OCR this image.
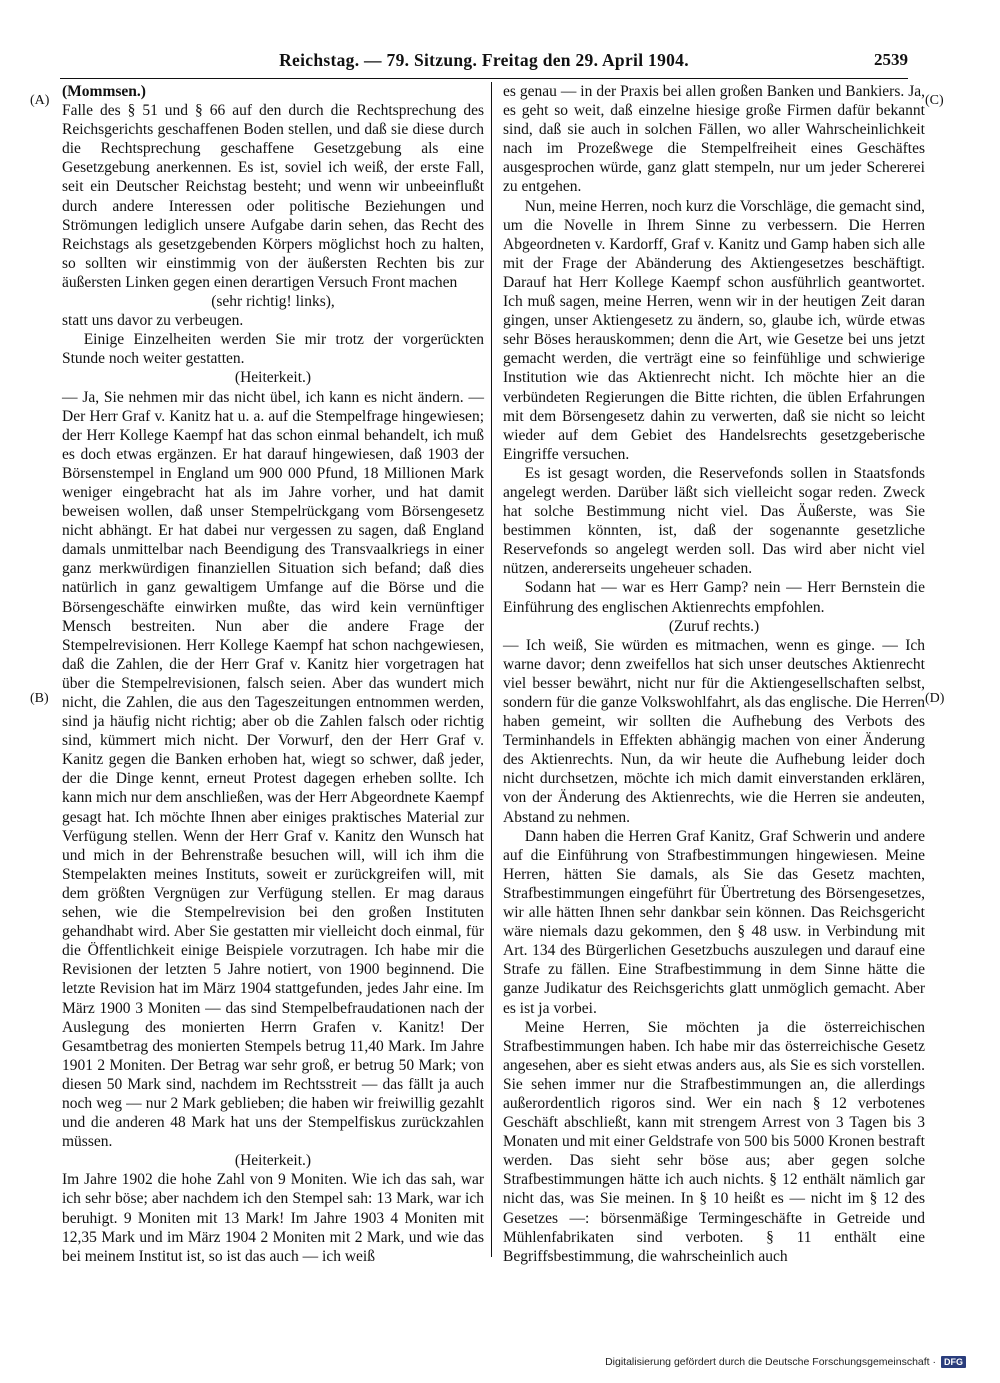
Reichstag. — 79. Sitzung. Freitag den 29. April 1904.	2539

(Mommsen.)

Falle des § 51 und § 66 auf den durch die Rechtsprechung des Reichsgerichts geschaffenen Boden stellen, und daß sie diese durch die Rechtsprechung geschaffene Gesetzgebung als eine Gesetzgebung anerkennen. Es ist, soviel ich weiß, der erste Fall, seit ein Deutscher Reichstag besteht; und wenn wir unbeeinflußt durch andere Interessen oder politische Beziehungen und Strömungen lediglich unsere Aufgabe darin sehen, das Recht des Reichstags als gesetzgebenden Körpers möglichst hoch zu halten, so sollten wir einstimmig von der äußersten Rechten bis zur äußersten Linken gegen einen derartigen Versuch Front machen

(sehr richtig! links),

statt uns davor zu verbeugen.

Einige Einzelheiten werden Sie mir trotz der vorgerückten Stunde noch weiter gestatten.

(Heiterkeit.)

— Ja, Sie nehmen mir das nicht übel, ich kann es nicht ändern. — Der Herr Graf v. Kanitz hat u. a. auf die Stempelfrage hingewiesen; der Herr Kollege Kaempf hat das schon einmal behandelt, ich muß es doch etwas ergänzen. Er hat darauf hingewiesen, daß 1903 der Börsenstempel in England um 900 000 Pfund, 18 Millionen Mark weniger eingebracht hat als im Jahre vorher, und hat damit beweisen wollen, daß unser Stempelrückgang vom Börsengesetz nicht abhängt. Er hat dabei nur vergessen zu sagen, daß England damals unmittelbar nach Beendigung des Transvaalkriegs in einer ganz merkwürdigen finanziellen Situation sich befand; daß dies natürlich in ganz gewaltigem Umfange auf die Börse und die Börsengeschäfte einwirken mußte, das wird kein vernünftiger Mensch bestreiten. Nun aber die andere Frage der Stempelrevisionen. Herr Kollege Kaempf hat schon nachgewiesen, daß die Zahlen, die der Herr Graf v. Kanitz hier vorgetragen hat über die Stempelrevisionen, falsch seien. Aber das wundert mich nicht, die Zahlen, die aus den Tageszeitungen entnommen werden, sind ja häufig nicht richtig; aber ob die Zahlen falsch oder richtig sind, kümmert mich nicht. Der Vorwurf, den der Herr Graf v. Kanitz gegen die Banken erhoben hat, wiegt so schwer, daß jeder, der die Dinge kennt, erneut Protest dagegen erheben sollte. Ich kann mich nur dem anschließen, was der Herr Abgeordnete Kaempf gesagt hat. Ich möchte Ihnen aber einiges praktisches Material zur Verfügung stellen. Wenn der Herr Graf v. Kanitz den Wunsch hat und mich in der Behrenstraße besuchen will, will ich ihm die Stempelakten meines Instituts, soweit er zurückgreifen will, mit dem größten Vergnügen zur Verfügung stellen. Er mag daraus sehen, wie die Stempelrevision bei den großen Instituten gehandhabt wird. Aber Sie gestatten mir vielleicht doch einmal, für die Öffentlichkeit einige Beispiele vorzutragen. Ich habe mir die Revisionen der letzten 5 Jahre notiert, von 1900 beginnend. Die letzte Revision hat im März 1904 stattgefunden, jedes Jahr eine. Im März 1900 3 Moniten — das sind Stempelbefraudationen nach der Auslegung des monierten Herrn Grafen v. Kanitz! Der Gesamtbetrag des monierten Stempels betrug 11,40 Mark. Im Jahre 1901 2 Moniten. Der Betrag war sehr groß, er betrug 50 Mark; von diesen 50 Mark sind, nachdem im Rechtsstreit — das fällt ja auch noch weg — nur 2 Mark geblieben; die haben wir freiwillig gezahlt und die anderen 48 Mark hat uns der Stempelfiskus zurückzahlen müssen.

(Heiterkeit.)

Im Jahre 1902 die hohe Zahl von 9 Moniten. Wie ich das sah, war ich sehr böse; aber nachdem ich den Stempel sah: 13 Mark, war ich beruhigt. 9 Moniten mit 13 Mark! Im Jahre 1903 4 Moniten mit 12,35 Mark und im März 1904 2 Moniten mit 2 Mark, und wie das bei meinem Institut ist, so ist das auch — ich weiß

es genau — in der Praxis bei allen großen Banken und Bankiers. Ja, es geht so weit, daß einzelne hiesige große Firmen dafür bekannt sind, daß sie auch in solchen Fällen, wo aller Wahrscheinlichkeit nach im Prozeßwege die Stempelfreiheit eines Geschäftes ausgesprochen würde, ganz glatt stempeln, nur um jeder Schererei zu entgehen.

Nun, meine Herren, noch kurz die Vorschläge, die gemacht sind, um die Novelle in Ihrem Sinne zu verbessern. Die Herren Abgeordneten v. Kardorff, Graf v. Kanitz und Gamp haben sich alle mit der Frage der Abänderung des Aktiengesetzes beschäftigt. Darauf hat Herr Kollege Kaempf schon ausführlich geantwortet. Ich muß sagen, meine Herren, wenn wir in der heutigen Zeit daran gingen, unser Aktiengesetz zu ändern, so, glaube ich, würde etwas sehr Böses herauskommen; denn die Art, wie Gesetze bei uns jetzt gemacht werden, die verträgt eine so feinfühlige und schwierige Institution wie das Aktienrecht nicht. Ich möchte hier an die verbündeten Regierungen die Bitte richten, die üblen Erfahrungen mit dem Börsengesetz dahin zu verwerten, daß sie nicht so leicht wieder auf dem Gebiet des Handelsrechts gesetzgeberische Eingriffe versuchen.

Es ist gesagt worden, die Reservefonds sollen in Staatsfonds angelegt werden. Darüber läßt sich vielleicht sogar reden. Zweck hat solche Bestimmung nicht viel. Das Äußerste, was Sie bestimmen könnten, ist, daß der sogenannte gesetzliche Reservefonds so angelegt werden soll. Das wird aber nicht viel nützen, andererseits ungeheuer schaden.

Sodann hat — war es Herr Gamp? nein — Herr Bernstein die Einführung des englischen Aktienrechts empfohlen.

(Zuruf rechts.)

— Ich weiß, Sie würden es mitmachen, wenn es ginge. — Ich warne davor; denn zweifellos hat sich unser deutsches Aktienrecht viel besser bewährt, nicht nur für die Aktiengesellschaften selbst, sondern für die ganze Volkswohlfahrt, als das englische. Die Herren haben gemeint, wir sollten die Aufhebung des Verbots des Terminhandels in Effekten abhängig machen von einer Änderung des Aktienrechts. Nun, da wir heute die Aufhebung leider doch nicht durchsetzen, möchte ich mich damit einverstanden erklären, von der Änderung des Aktienrechts, wie die Herren sie andeuten, Abstand zu nehmen.

Dann haben die Herren Graf Kanitz, Graf Schwerin und andere auf die Einführung von Strafbestimmungen hingewiesen. Meine Herren, hätten Sie damals, als Sie das Gesetz machten, Strafbestimmungen eingeführt für Übertretung des Börsengesetzes, wir alle hätten Ihnen sehr dankbar sein können. Das Reichsgericht wäre niemals dazu gekommen, den § 48 usw. in Verbindung mit Art. 134 des Bürgerlichen Gesetzbuchs auszulegen und darauf eine Strafe zu fällen. Eine Strafbestimmung in dem Sinne hätte die ganze Judikatur des Reichsgerichts glatt unmöglich gemacht. Aber es ist ja vorbei.

Meine Herren, Sie möchten ja die österreichischen Strafbestimmungen haben. Ich habe mir das österreichische Gesetz angesehen, aber es sieht etwas anders aus, als Sie es sich vorstellen. Sie sehen immer nur die Strafbestimmungen an, die allerdings außerordentlich rigoros sind. Wer ein nach § 12 verbotenes Geschäft abschließt, kann mit strengem Arrest von 3 Tagen bis 3 Monaten und mit einer Geldstrafe von 500 bis 5000 Kronen bestraft werden. Das sieht sehr böse aus; aber gegen solche Strafbestimmungen hätte ich auch nichts. § 12 enthält nämlich gar nicht das, was Sie meinen. In § 10 heißt es — nicht im § 12 des Gesetzes —: börsenmäßige Termingeschäfte in Getreide und Mühlenfabrikaten sind verboten. § 11 enthält eine Begriffsbestimmung, die wahrscheinlich auch

(A)
(B)
(C)
(D)
Digitalisierung gefördert durch die Deutsche Forschungsgemeinschaft · DFG
